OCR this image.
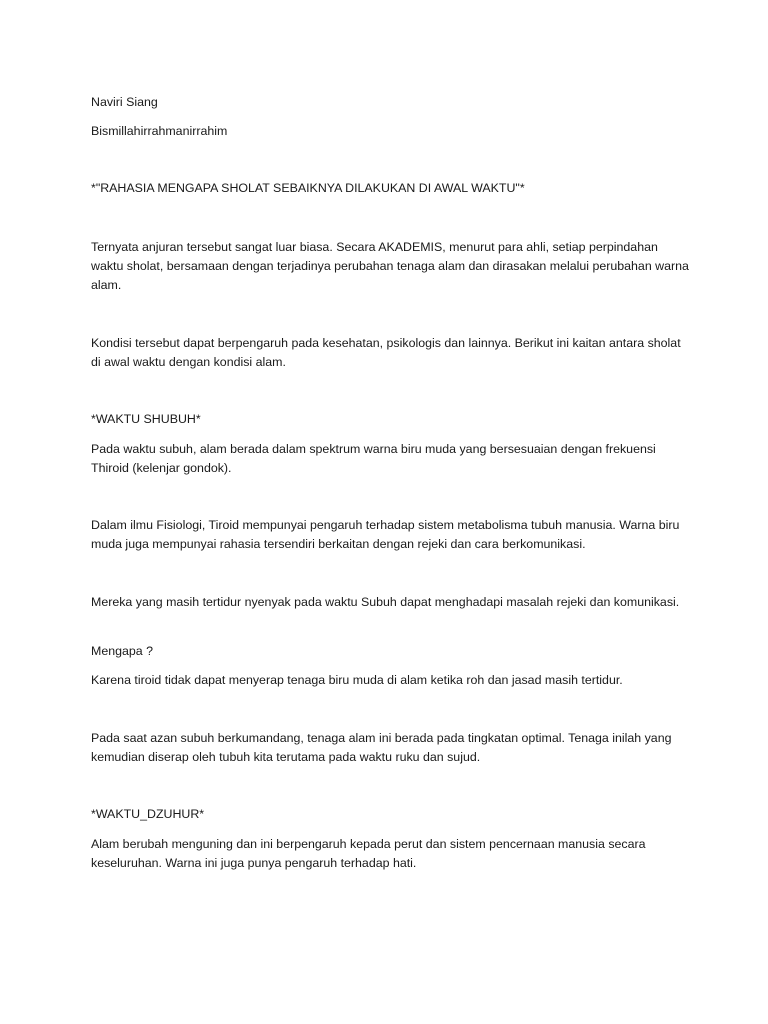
Naviri Siang

Bismillahirrahmanirrahim

*"RAHASIA MENGAPA SHOLAT SEBAIKNYA DILAKUKAN DI AWAL WAKTU"*

Ternyata anjuran tersebut sangat luar biasa. Secara AKADEMIS, menurut para ahli, setiap perpindahan waktu sholat, bersamaan dengan terjadinya perubahan tenaga alam dan dirasakan melalui perubahan warna alam.

Kondisi tersebut dapat berpengaruh pada kesehatan, psikologis dan lainnya. Berikut ini kaitan antara sholat di awal waktu dengan kondisi alam.

*WAKTU SHUBUH*

Pada waktu subuh, alam berada dalam spektrum warna biru muda yang bersesuaian dengan frekuensi Thiroid (kelenjar gondok).

Dalam ilmu Fisiologi, Tiroid mempunyai pengaruh terhadap sistem metabolisma tubuh manusia. Warna biru muda juga mempunyai rahasia tersendiri berkaitan dengan rejeki dan cara berkomunikasi.

Mereka yang masih tertidur nyenyak pada waktu Subuh dapat menghadapi masalah rejeki dan komunikasi.

Mengapa ?

Karena tiroid tidak dapat menyerap tenaga biru muda di alam ketika roh dan jasad masih tertidur.

Pada saat azan subuh berkumandang, tenaga alam ini berada pada tingkatan optimal. Tenaga inilah yang kemudian diserap oleh tubuh kita terutama pada waktu ruku dan sujud.

*WAKTU_DZUHUR*

Alam berubah menguning dan ini berpengaruh kepada perut dan sistem pencernaan manusia secara keseluruhan. Warna ini juga punya pengaruh terhadap hati.
